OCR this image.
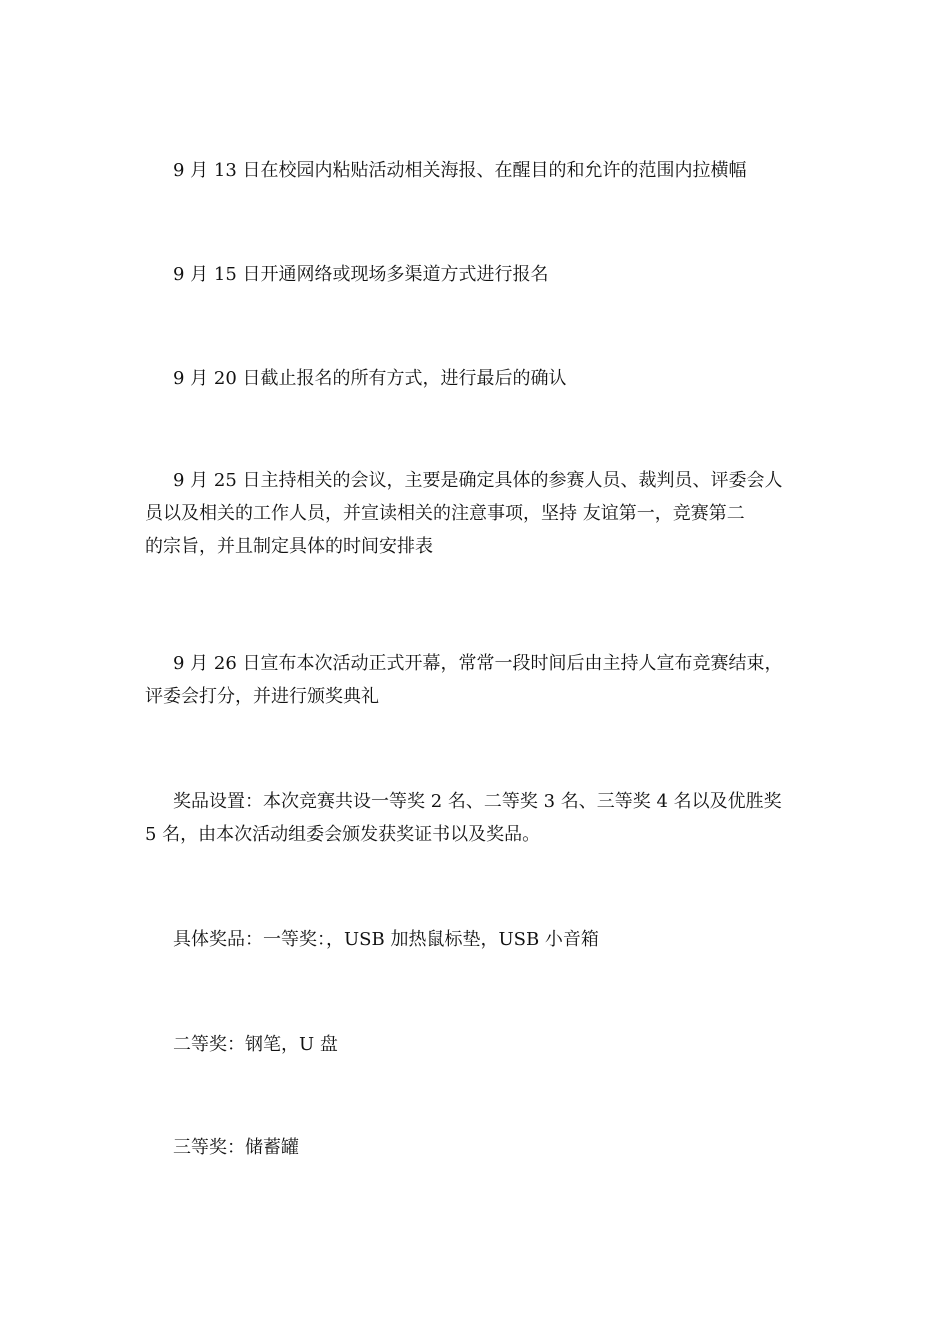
9 月 13 日在校园内粘贴活动相关海报、在醒目的和允许的范围内拉横幅

9 月 15 日开通网络或现场多渠道方式进行报名

9 月 20 日截止报名的所有方式，进行最后的确认

9 月 25 日主持相关的会议，主要是确定具体的参赛人员、裁判员、评委会人
员以及相关的工作人员，并宣读相关的注意事项，坚持 友谊第一，竞赛第二
的宗旨，并且制定具体的时间安排表

9 月 26 日宣布本次活动正式开幕，常常一段时间后由主持人宣布竞赛结束，
评委会打分，并进行颁奖典礼

奖品设置：本次竞赛共设一等奖 2 名、二等奖 3 名、三等奖 4 名以及优胜奖
5 名，由本次活动组委会颁发获奖证书以及奖品。

具体奖品：一等奖：，USB 加热鼠标垫，USB 小音箱

二等奖：钢笔，U 盘

三等奖：储蓄罐
